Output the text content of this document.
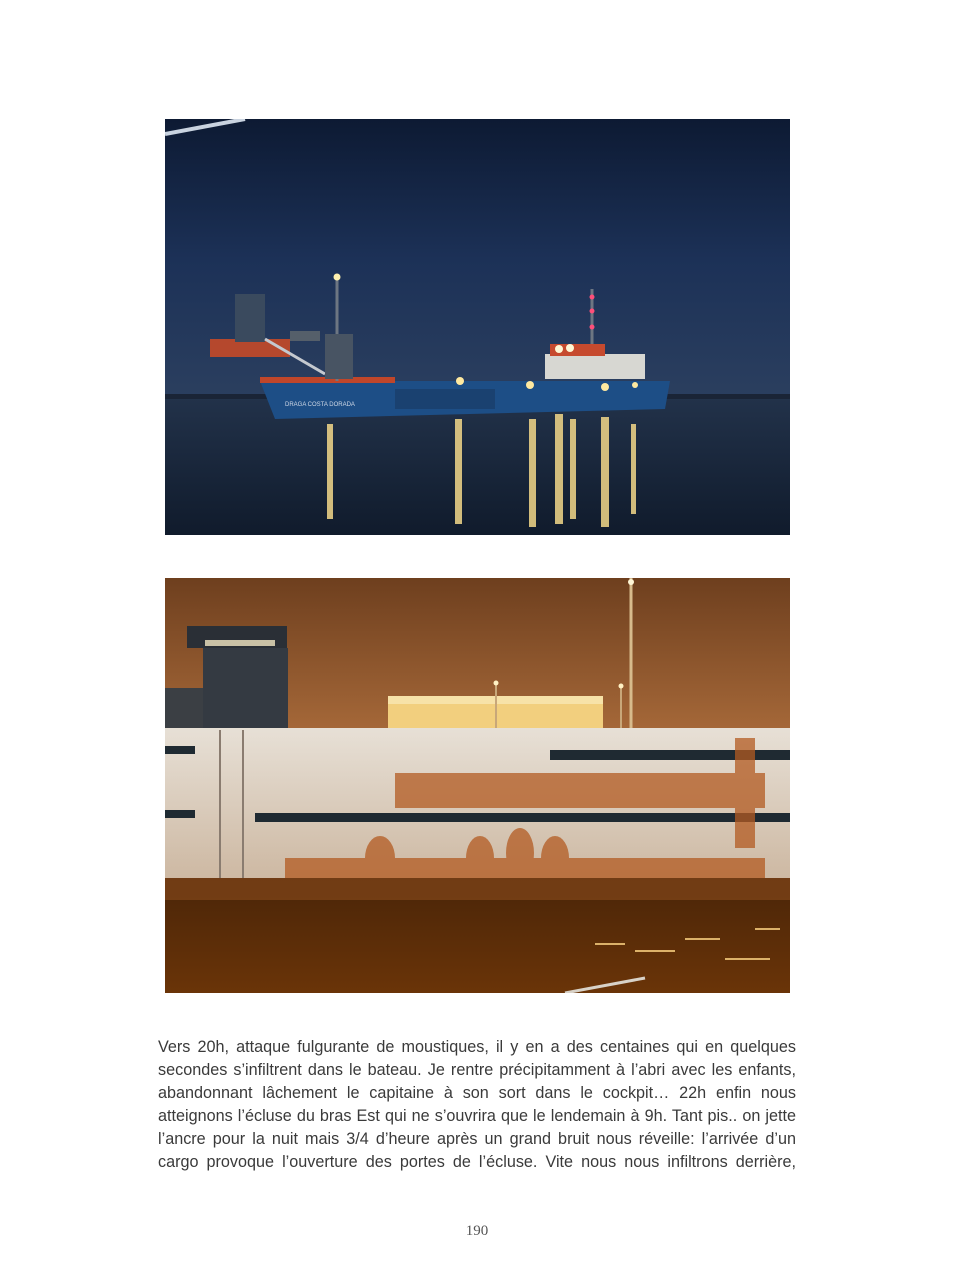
DRAGA COSTA DORADA

Vers 20h, attaque fulgurante de moustiques, il y en a des centaines qui en quelques
secondes s’infiltrent dans le bateau. Je rentre précipitamment à l’abri avec les enfants,
abandonnant lâchement le capitaine à son sort dans le cockpit… 22h enfin nous
atteignons l’écluse du bras Est qui ne s’ouvrira que le lendemain à 9h. Tant pis.. on jette
l’ancre pour la nuit mais 3/4 d’heure après un grand bruit nous réveille: l’arrivée d’un
cargo provoque l’ouverture des portes de l’écluse. Vite nous nous infiltrons derrière,

190
